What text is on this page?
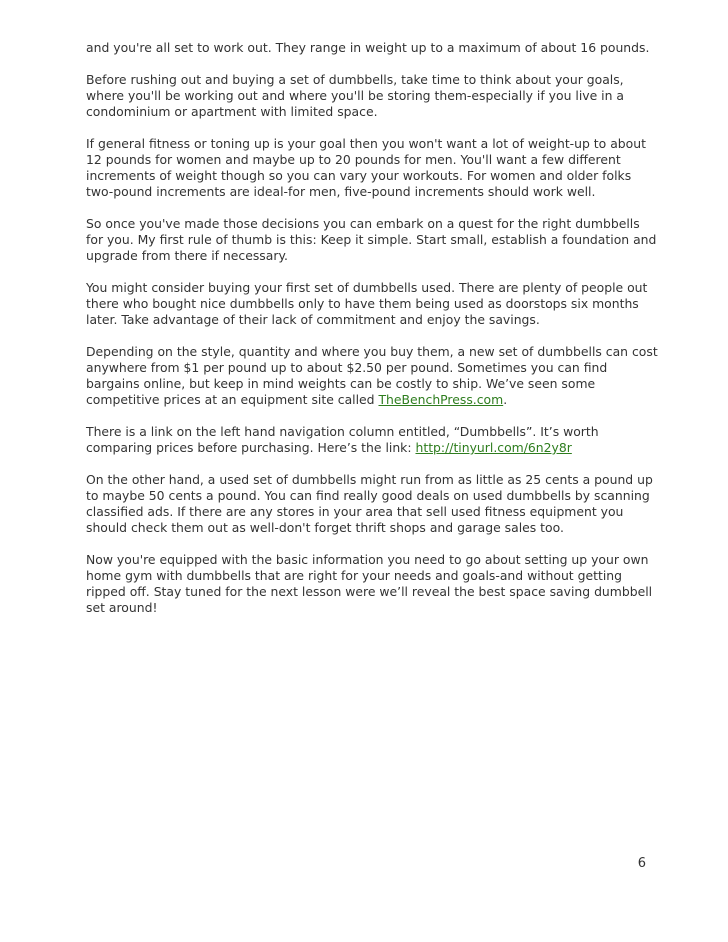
and you're all set to work out. They range in weight up to a maximum of about 16 pounds.

Before rushing out and buying a set of dumbbells, take time to think about your goals, where you'll be working out and where you'll be storing them-especially if you live in a condominium or apartment with limited space.

If general fitness or toning up is your goal then you won't want a lot of weight-up to about 12 pounds for women and maybe up to 20 pounds for men. You'll want a few different increments of weight though so you can vary your workouts. For women and older folks two-pound increments are ideal-for men, five-pound increments should work well.

So once you've made those decisions you can embark on a quest for the right dumbbells for you. My first rule of thumb is this: Keep it simple. Start small, establish a foundation and upgrade from there if necessary.

You might consider buying your first set of dumbbells used. There are plenty of people out there who bought nice dumbbells only to have them being used as doorstops six months later. Take advantage of their lack of commitment and enjoy the savings.

Depending on the style, quantity and where you buy them, a new set of dumbbells can cost anywhere from $1 per pound up to about $2.50 per pound. Sometimes you can find bargains online, but keep in mind weights can be costly to ship. We’ve seen some competitive prices at an equipment site called TheBenchPress.com.

There is a link on the left hand navigation column entitled, “Dumbbells”. It’s worth comparing prices before purchasing. Here’s the link: http://tinyurl.com/6n2y8r

On the other hand, a used set of dumbbells might run from as little as 25 cents a pound up to maybe 50 cents a pound. You can find really good deals on used dumbbells by scanning classified ads. If there are any stores in your area that sell used fitness equipment you should check them out as well-don't forget thrift shops and garage sales too.

Now you're equipped with the basic information you need to go about setting up your own home gym with dumbbells that are right for your needs and goals-and without getting ripped off. Stay tuned for the next lesson were we’ll reveal the best space saving dumbbell set around!

6
